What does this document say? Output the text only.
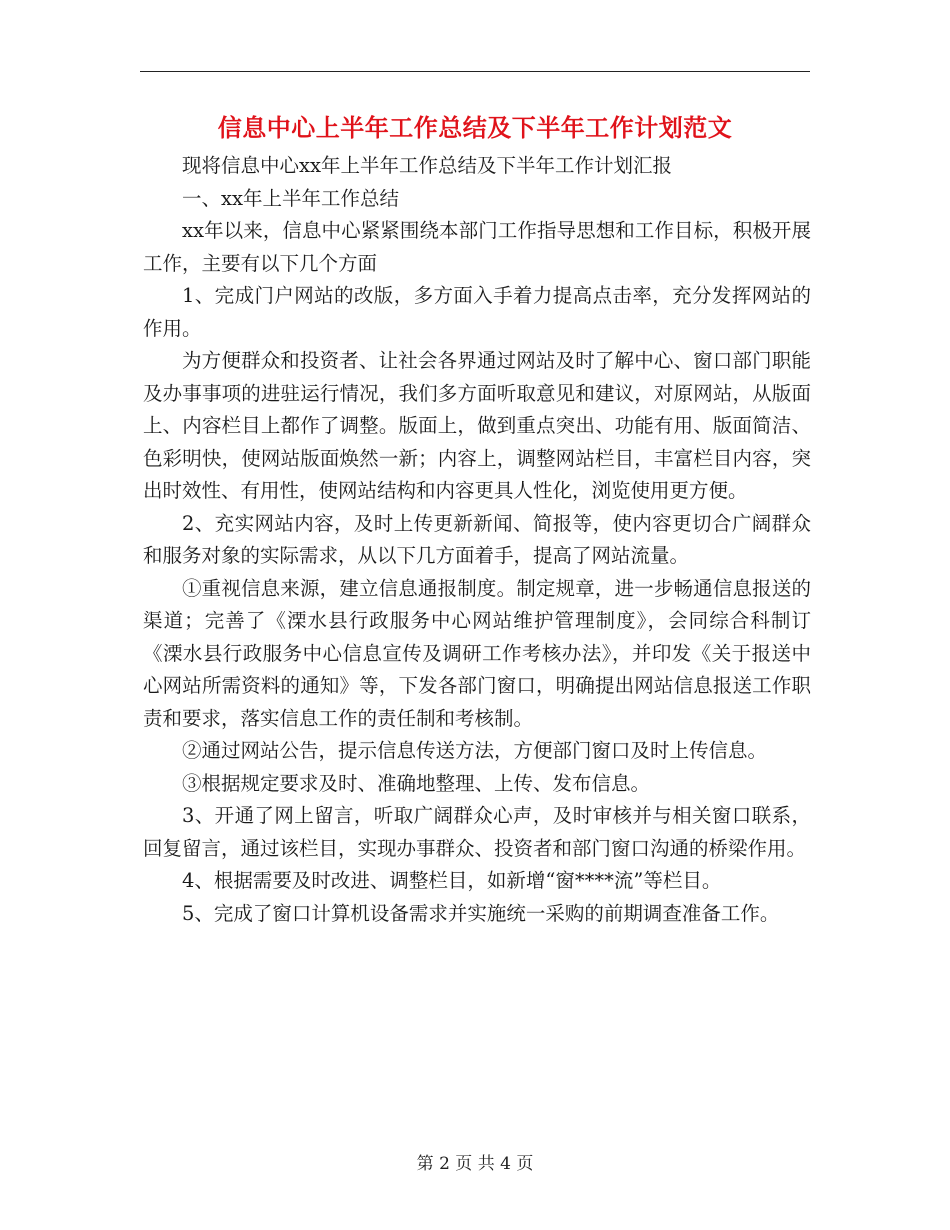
信息中心上半年工作总结及下半年工作计划范文

现将信息中心xx年上半年工作总结及下半年工作计划汇报

一、xx年上半年工作总结

xx年以来，信息中心紧紧围绕本部门工作指导思想和工作目标，积极开展工作，主要有以下几个方面

1、完成门户网站的改版，多方面入手着力提高点击率，充分发挥网站的作用。

为方便群众和投资者、让社会各界通过网站及时了解中心、窗口部门职能及办事事项的进驻运行情况，我们多方面听取意见和建议，对原网站，从版面上、内容栏目上都作了调整。版面上，做到重点突出、功能有用、版面简洁、色彩明快，使网站版面焕然一新；内容上，调整网站栏目，丰富栏目内容，突出时效性、有用性，使网站结构和内容更具人性化，浏览使用更方便。

2、充实网站内容，及时上传更新新闻、简报等，使内容更切合广阔群众和服务对象的实际需求，从以下几方面着手，提高了网站流量。

①重视信息来源，建立信息通报制度。制定规章，进一步畅通信息报送的渠道；完善了《溧水县行政服务中心网站维护管理制度》，会同综合科制订《溧水县行政服务中心信息宣传及调研工作考核办法》，并印发《关于报送中心网站所需资料的通知》等，下发各部门窗口，明确提出网站信息报送工作职责和要求，落实信息工作的责任制和考核制。

②通过网站公告，提示信息传送方法，方便部门窗口及时上传信息。

③根据规定要求及时、准确地整理、上传、发布信息。

3、开通了网上留言，听取广阔群众心声，及时审核并与相关窗口联系，回复留言，通过该栏目，实现办事群众、投资者和部门窗口沟通的桥梁作用。

4、根据需要及时改进、调整栏目，如新增“窗****流”等栏目。

5、完成了窗口计算机设备需求并实施统一采购的前期调查准备工作。

第 2 页 共 4 页
